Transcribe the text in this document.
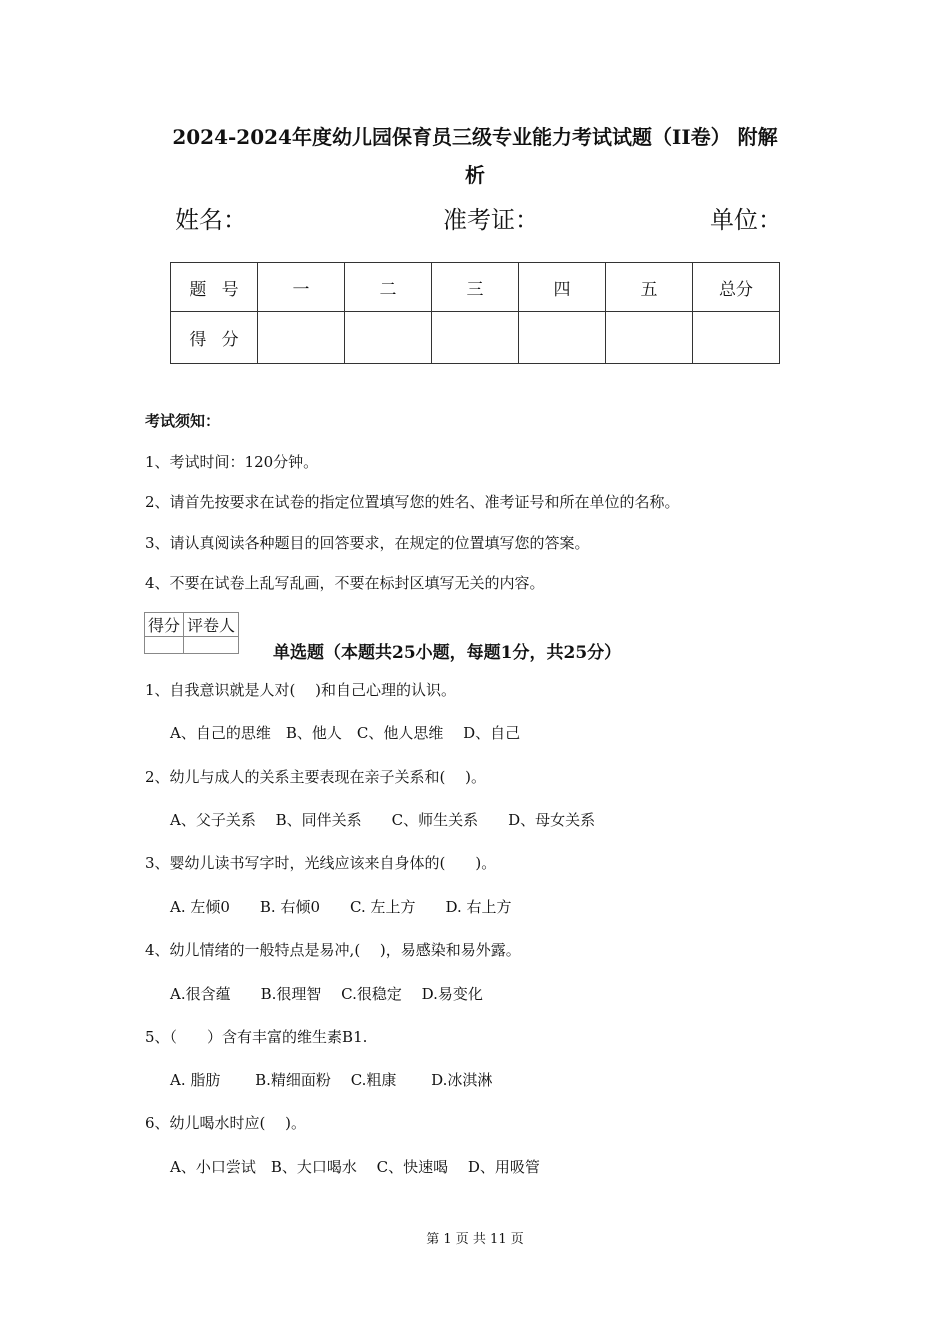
2024-2024年度幼儿园保育员三级专业能力考试试题（II卷） 附解
析
姓名：	准考证：	单位：
题号	一	二	三	四	五	总分
得分						
考试须知：
1、考试时间：120分钟。
2、请首先按要求在试卷的指定位置填写您的姓名、准考证号和所在单位的名称。
3、请认真阅读各种题目的回答要求，在规定的位置填写您的答案。
4、不要在试卷上乱写乱画，不要在标封区填写无关的内容。
得分	评卷人

单选题（本题共25小题，每题1分，共25分）
1、自我意识就是人对(　 )和自己心理的认识。
A、自己的思维　B、他人　C、他人思维　 D、自己
2、幼儿与成人的关系主要表现在亲子关系和(　 )。
A、父子关系　 B、同伴关系　　C、师生关系　　D、母女关系
3、婴幼儿读书写字时，光线应该来自身体的(　　)。
A. 左倾0　　B. 右倾0　　C. 左上方　　D. 右上方
4、幼儿情绪的一般特点是易冲,(　 )，易感染和易外露。
A.很含蕴　　B.很理智　 C.很稳定　 D.易变化
5、（　　）含有丰富的维生素B1.
A. 脂肪　　 B.精细面粉　 C.粗康　　 D.冰淇淋
6、幼儿喝水时应(　 )。
A、小口尝试　B、大口喝水　 C、快速喝　 D、用吸管
第 1 页 共 11 页
